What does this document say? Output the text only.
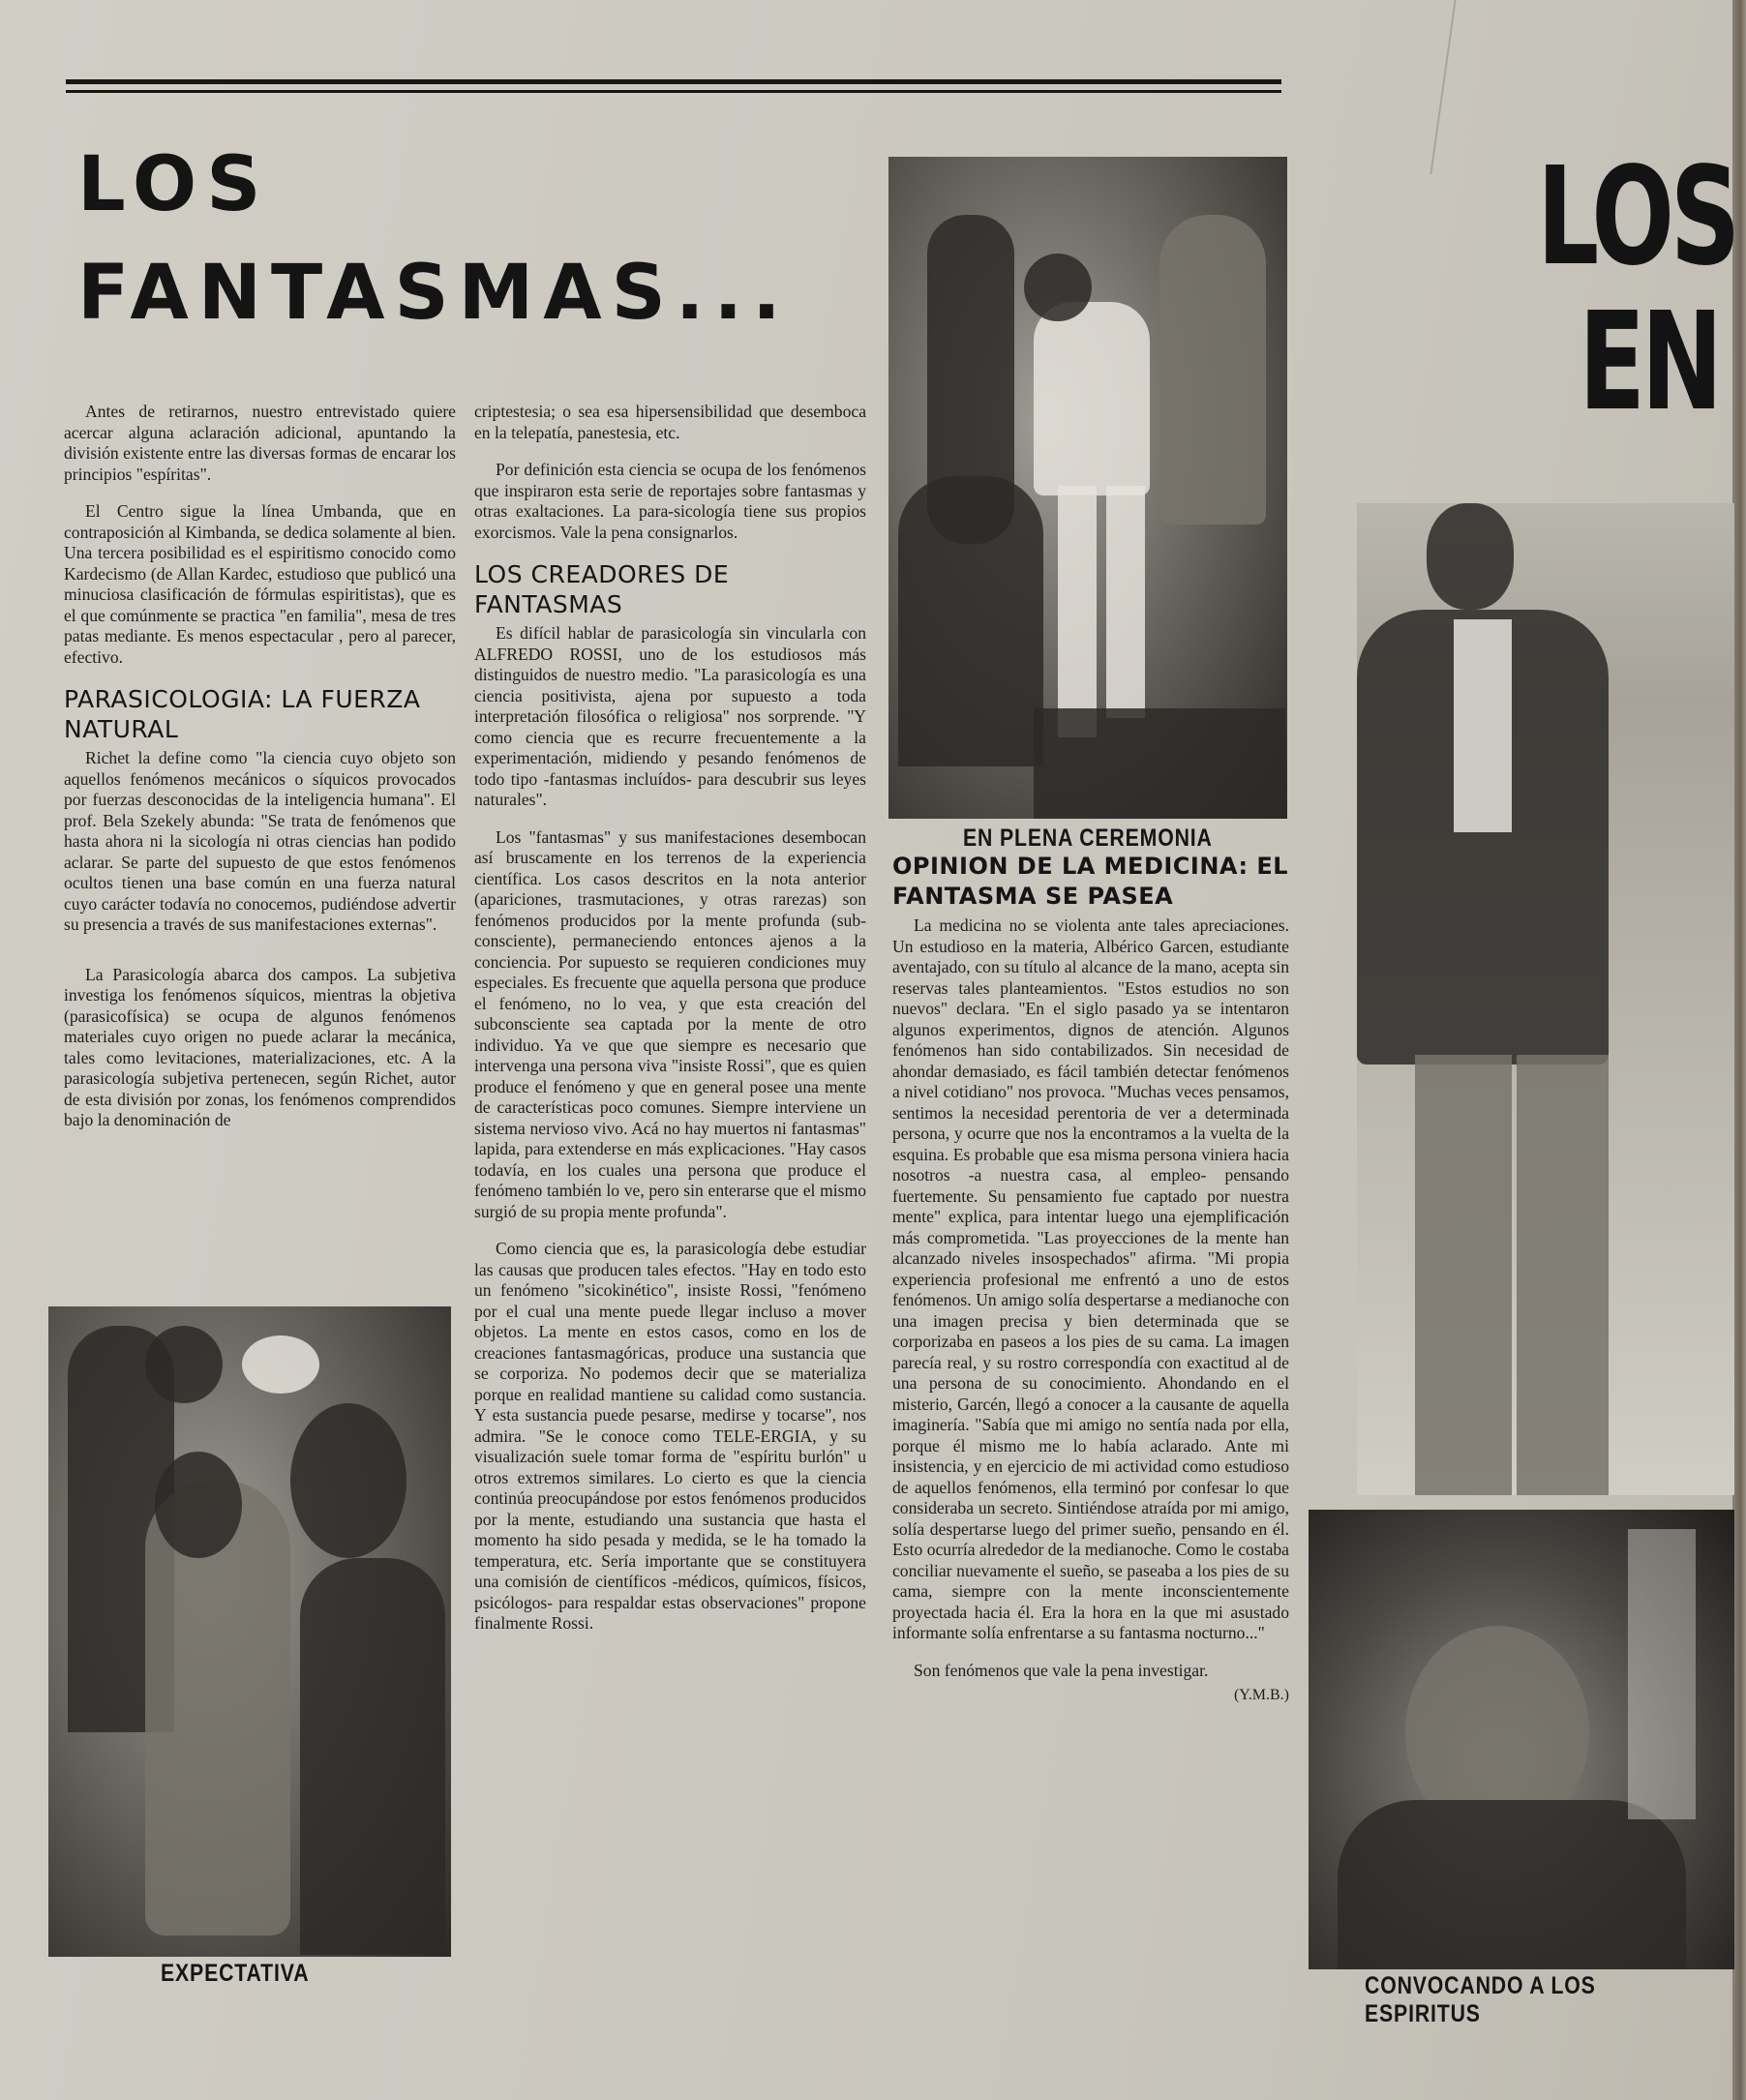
LOS
FANTASMAS...

Antes de retirarnos, nuestro entrevistado quiere acercar alguna aclaración adicional, apuntando la división existente entre las diversas formas de encarar los principios "espíritas".

El Centro sigue la línea Umbanda, que en contraposición al Kimbanda, se dedica solamente al bien. Una tercera posibilidad es el espiritismo conocido como Kardecismo (de Allan Kardec, estudioso que publicó una minuciosa clasificación de fórmulas espiritistas), que es el que comúnmente se practica "en familia", mesa de tres patas mediante. Es menos espectacular , pero al parecer, efectivo.

PARASICOLOGIA: LA FUERZA NATURAL

Richet la define como "la ciencia cuyo objeto son aquellos fenómenos mecánicos o síquicos provocados por fuerzas desconocidas de la inteligencia humana". El prof. Bela Szekely abunda: "Se trata de fenómenos que hasta ahora ni la sicología ni otras ciencias han podido aclarar. Se parte del supuesto de que estos fenómenos ocultos tienen una base común en una fuerza natural cuyo carácter todavía no conocemos, pudiéndose advertir su presencia a través de sus manifestaciones externas".

La Parasicología abarca dos campos. La subjetiva investiga los fenómenos síquicos, mientras la objetiva (parasicofísica) se ocupa de algunos fenómenos materiales cuyo origen no puede aclarar la mecánica, tales como levitaciones, materializaciones, etc. A la parasicología subjetiva pertenecen, según Richet, autor de esta división por zonas, los fenómenos comprendidos bajo la denominación de

criptestesia; o sea esa hipersensibilidad que desemboca en la telepatía, panestesia, etc.

Por definición esta ciencia se ocupa de los fenómenos que inspiraron esta serie de reportajes sobre fantasmas y otras exaltaciones. La para-sicología tiene sus propios exorcismos. Vale la pena consignarlos.

LOS CREADORES DE FANTASMAS

Es difícil hablar de parasicología sin vincularla con ALFREDO ROSSI, uno de los estudiosos más distinguidos de nuestro medio. "La parasicología es una ciencia positivista, ajena por supuesto a toda interpretación filosófica o religiosa" nos sorprende. "Y como ciencia que es recurre frecuentemente a la experimentación, midiendo y pesando fenómenos de todo tipo -fantasmas incluídos- para descubrir sus leyes naturales".

Los "fantasmas" y sus manifestaciones desembocan así bruscamente en los terrenos de la experiencia científica. Los casos descritos en la nota anterior (apariciones, trasmutaciones, y otras rarezas) son fenómenos producidos por la mente profunda (sub-consciente), permaneciendo entonces ajenos a la conciencia. Por supuesto se requieren condiciones muy especiales. Es frecuente que aquella persona que produce el fenómeno, no lo vea, y que esta creación del subconsciente sea captada por la mente de otro individuo. Ya ve que que siempre es necesario que intervenga una persona viva "insiste Rossi", que es quien produce el fenómeno y que en general posee una mente de características poco comunes. Siempre interviene un sistema nervioso vivo. Acá no hay muertos ni fantasmas" lapida, para extenderse en más explicaciones. "Hay casos todavía, en los cuales una persona que produce el fenómeno también lo ve, pero sin enterarse que el mismo surgió de su propia mente profunda".

Como ciencia que es, la parasicología debe estudiar las causas que producen tales efectos. "Hay en todo esto un fenómeno "sicokinético", insiste Rossi, "fenómeno por el cual una mente puede llegar incluso a mover objetos. La mente en estos casos, como en los de creaciones fantasmagóricas, produce una sustancia que se corporiza. No podemos decir que se materializa porque en realidad mantiene su calidad como sustancia. Y esta sustancia puede pesarse, medirse y tocarse", nos admira. "Se le conoce como TELE-ERGIA, y su visualización suele tomar forma de "espíritu burlón" u otros extremos similares. Lo cierto es que la ciencia continúa preocupándose por estos fenómenos producidos por la mente, estudiando una sustancia que hasta el momento ha sido pesada y medida, se le ha tomado la temperatura, etc. Sería importante que se constituyera una comisión de científicos -médicos, químicos, físicos, psicólogos- para respaldar estas observaciones" propone finalmente Rossi.

OPINION DE LA MEDICINA: EL FANTASMA SE PASEA

La medicina no se violenta ante tales apreciaciones. Un estudioso en la materia, Albérico Garcen, estudiante aventajado, con su título al alcance de la mano, acepta sin reservas tales planteamientos. "Estos estudios no son nuevos" declara. "En el siglo pasado ya se intentaron algunos experimentos, dignos de atención. Algunos fenómenos han sido contabilizados. Sin necesidad de ahondar demasiado, es fácil también detectar fenómenos a nivel cotidiano" nos provoca. "Muchas veces pensamos, sentimos la necesidad perentoria de ver a determinada persona, y ocurre que nos la encontramos a la vuelta de la esquina. Es probable que esa misma persona viniera hacia nosotros -a nuestra casa, al empleo- pensando fuertemente. Su pensamiento fue captado por nuestra mente" explica, para intentar luego una ejemplificación más comprometida. "Las proyecciones de la mente han alcanzado niveles insospechados" afirma. "Mi propia experiencia profesional me enfrentó a uno de estos fenómenos. Un amigo solía despertarse a medianoche con una imagen precisa y bien determinada que se corporizaba en paseos a los pies de su cama. La imagen parecía real, y su rostro correspondía con exactitud al de una persona de su conocimiento. Ahondando en el misterio, Garcén, llegó a conocer a la causante de aquella imaginería. "Sabía que mi amigo no sentía nada por ella, porque él mismo me lo había aclarado. Ante mi insistencia, y en ejercicio de mi actividad como estudioso de aquellos fenómenos, ella terminó por confesar lo que consideraba un secreto. Sintiéndose atraída por mi amigo, solía despertarse luego del primer sueño, pensando en él. Esto ocurría alrededor de la medianoche. Como le costaba conciliar nuevamente el sueño, se paseaba a los pies de su cama, siempre con la mente inconscientemente proyectada hacia él. Era la hora en la que mi asustado informante solía enfrentarse a su fantasma nocturno..."

Son fenómenos que vale la pena investigar.

(Y.M.B.)

EN PLENA CEREMONIA

EXPECTATIVA	CONVOCANDO A LOS ESPIRITUS

LOS
EN
